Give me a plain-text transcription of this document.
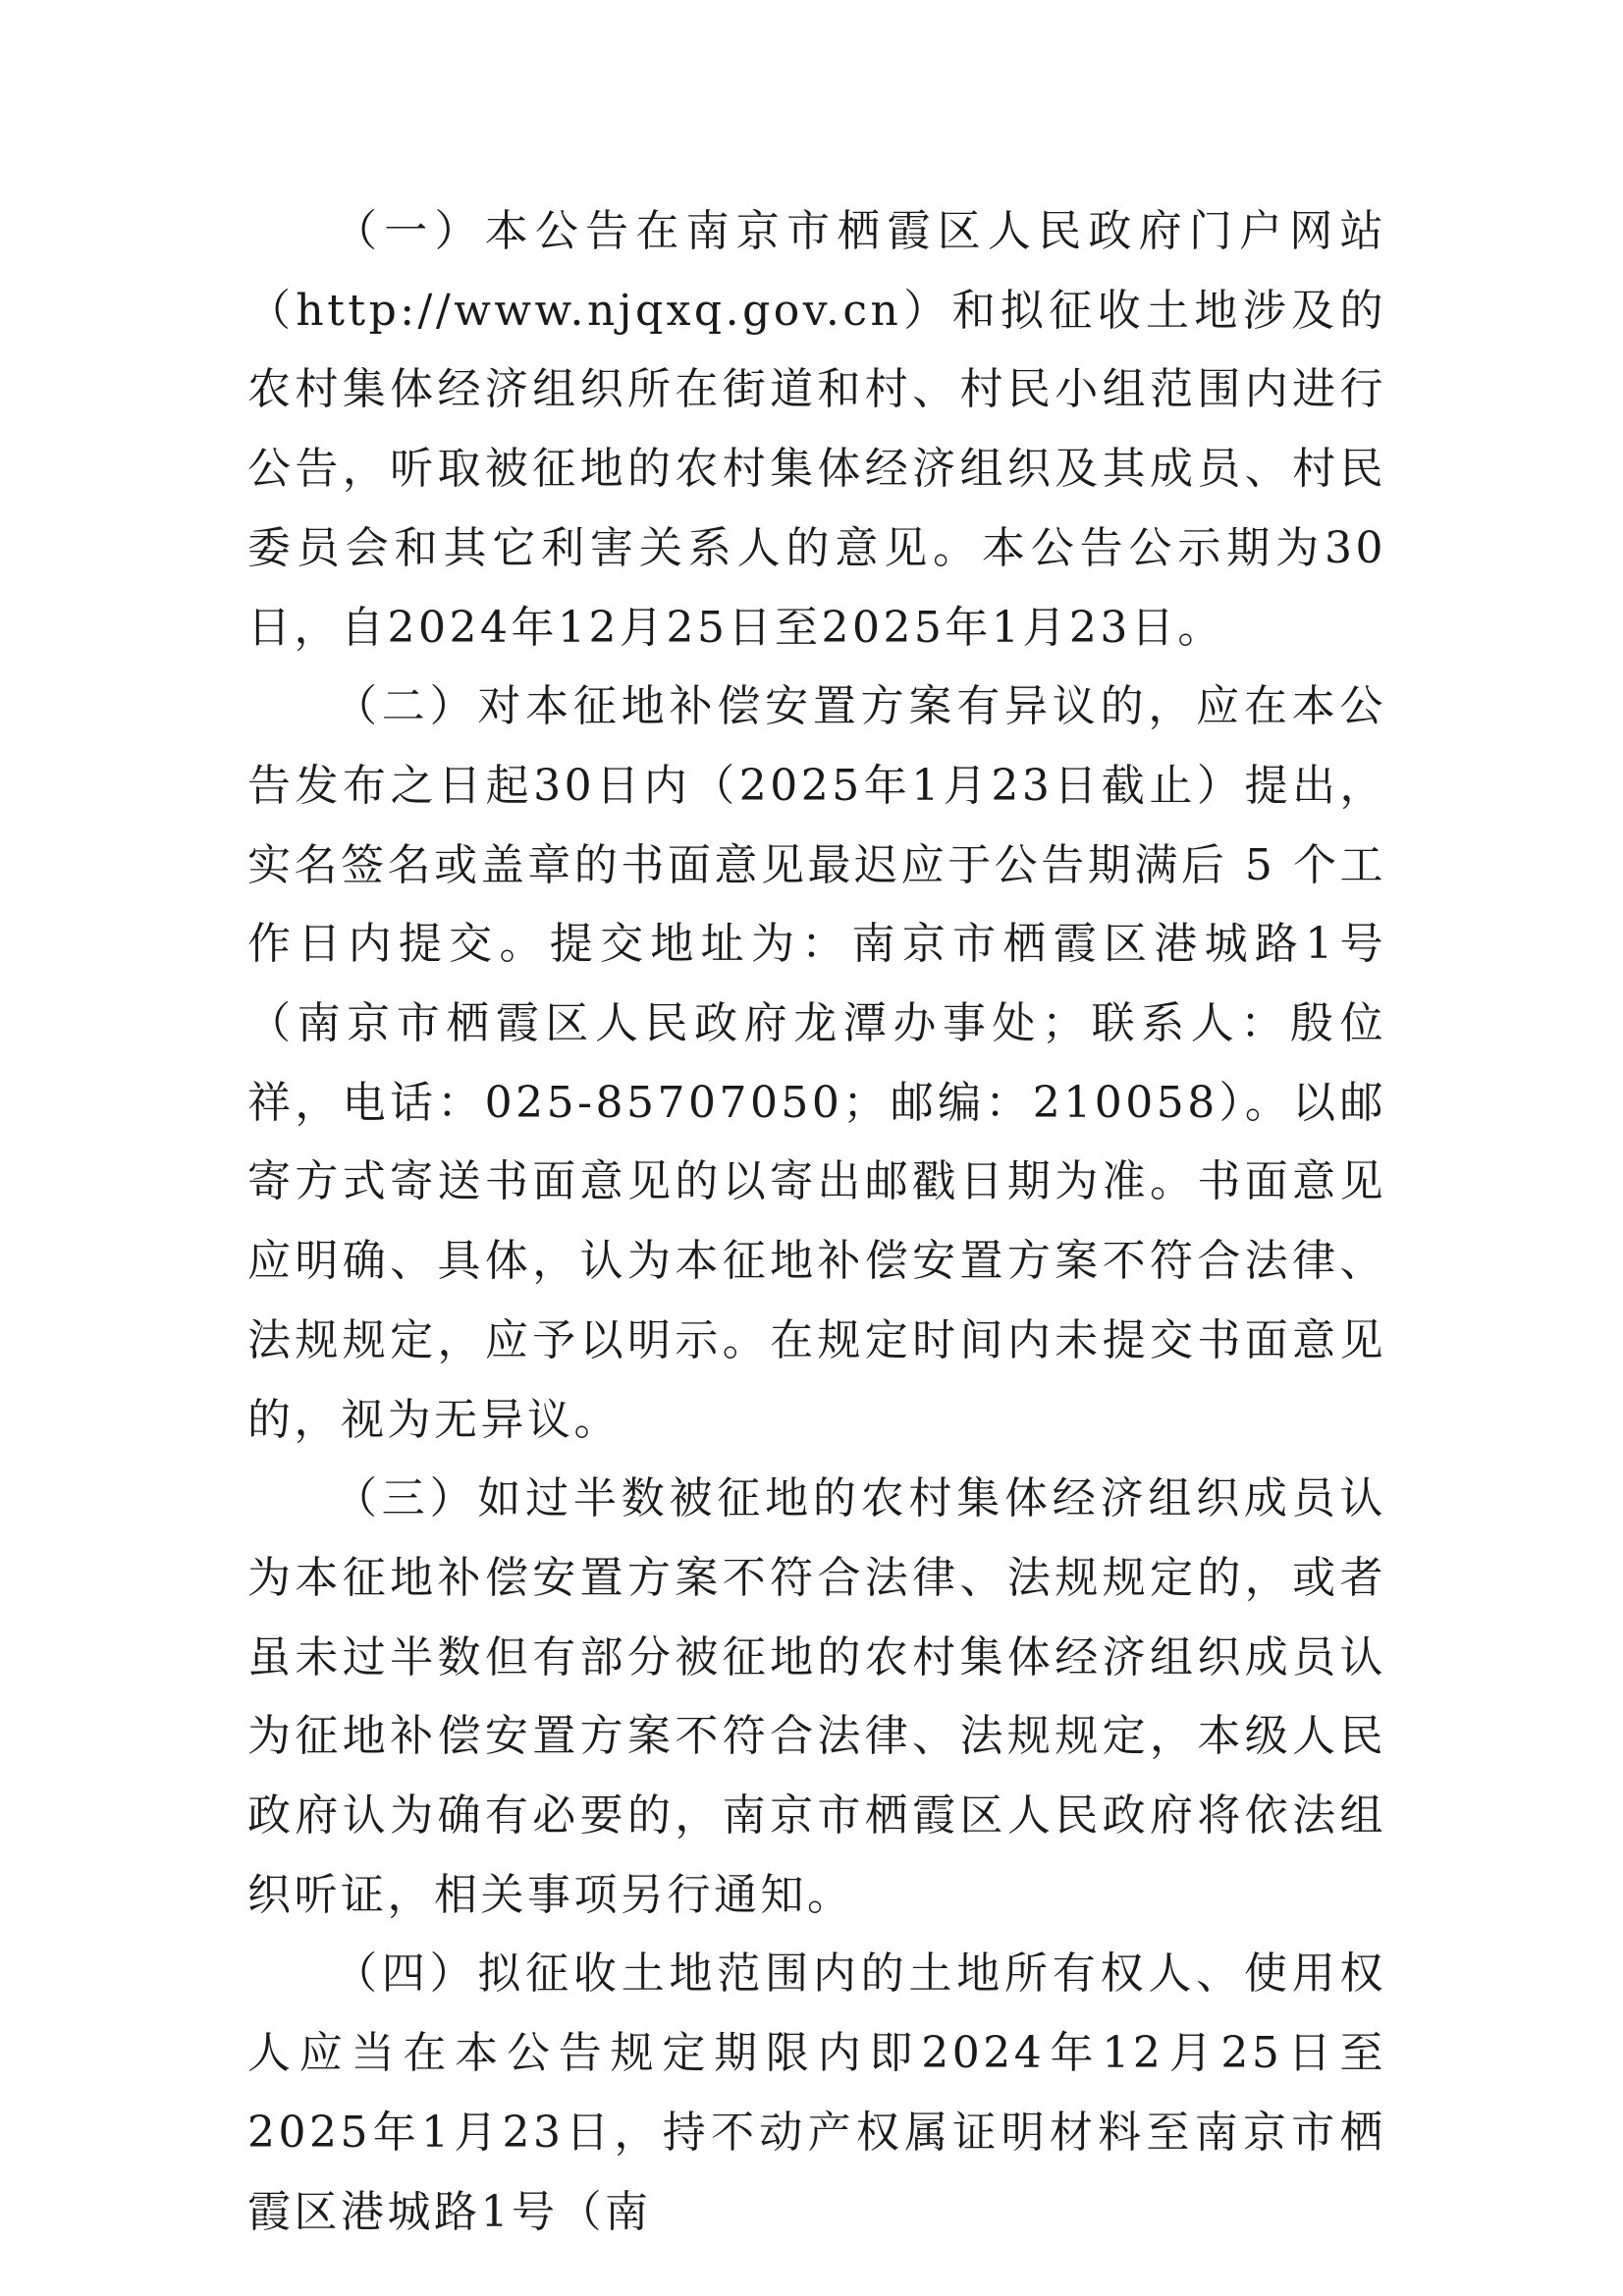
（一）本公告在南京市栖霞区人民政府门户网站（http://www.njqxq.gov.cn）和拟征收土地涉及的农村集体经济组织所在街道和村、村民小组范围内进行公告，听取被征地的农村集体经济组织及其成员、村民委员会和其它利害关系人的意见。本公告公示期为30日，自2024年12月25日至2025年1月23日。

（二）对本征地补偿安置方案有异议的，应在本公告发布之日起30日内（2025年1月23日截止）提出，实名签名或盖章的书面意见最迟应于公告期满后 5 个工作日内提交。提交地址为：南京市栖霞区港城路1号（南京市栖霞区人民政府龙潭办事处；联系人：殷位祥，电话：025-85707050；邮编：210058）。以邮寄方式寄送书面意见的以寄出邮戳日期为准。书面意见应明确、具体，认为本征地补偿安置方案不符合法律、法规规定，应予以明示。在规定时间内未提交书面意见的，视为无异议。

（三）如过半数被征地的农村集体经济组织成员认为本征地补偿安置方案不符合法律、法规规定的，或者虽未过半数但有部分被征地的农村集体经济组织成员认为征地补偿安置方案不符合法律、法规规定，本级人民政府认为确有必要的，南京市栖霞区人民政府将依法组织听证，相关事项另行通知。

（四）拟征收土地范围内的土地所有权人、使用权人应当在本公告规定期限内即2024年12月25日至2025年1月23日，持不动产权属证明材料至南京市栖霞区港城路1号（南
